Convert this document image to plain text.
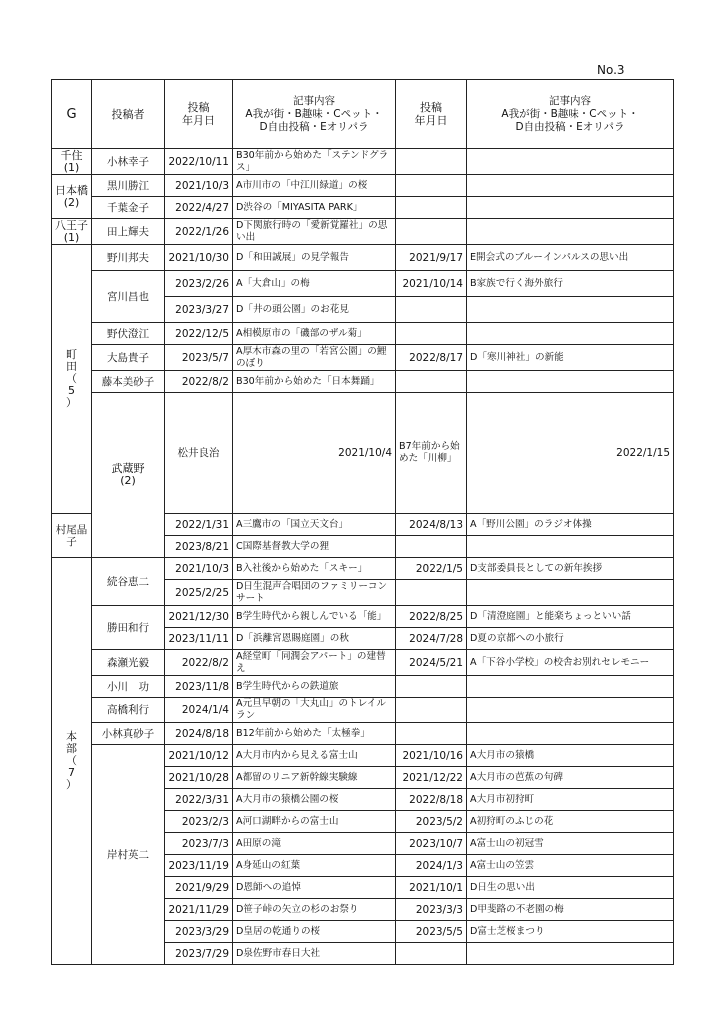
No.3
G	投稿者	投稿
年月日	記事内容
A我が街・B趣味・Cペット・
D自由投稿・Eオリパラ	投稿
年月日	記事内容
A我が街・B趣味・Cペット・
D自由投稿・Eオリパラ	
千住
(1)	小林幸子	2022/10/11	B30年前から始めた「ステンドグラス」			
日本橋
(2)	黒川勝江	2021/10/3	A市川市の「中江川緑道」の桜			
	千葉金子	2022/4/27	D渋谷の「MIYASITA PARK」			
八王子
(1)	田上輝夫	2022/1/26	D下関旅行時の「愛新覚羅社」の思い出			
町
田
（
5
）	野川邦夫	2021/10/30	D「和田誠展」の見学報告	2021/9/17	E開会式のブルーインパルスの思い出	
	宮川昌也	2023/2/26	A「大倉山」の梅	2021/10/14	B家族で行く海外旅行	
		2023/3/27	D「井の頭公園」のお花見			
	野伏澄江	2022/12/5	A相模原市の「磯部のザル菊」			
	大島貴子	2023/5/7	A厚木市森の里の「若宮公園」の鯉のぼり	2022/8/17	D「寒川神社」の新能	
	藤本美砂子	2022/8/2	B30年前から始めた「日本舞踊」			
	武蔵野
(2)	松井良治	2021/10/4	B7年前から始めた「川柳」	2022/1/15	
村尾晶子		2022/1/31	A三鷹市の「国立天文台」	2024/8/13	A「野川公園」のラジオ体操	
		2023/8/21	C国際基督教大学の狸			
本
部
（
7
）	続谷恵二	2021/10/3	B入社後から始めた「スキー」	2022/1/5	D支部委員長としての新年挨拶	
		2025/2/25	D日生混声合唱団のファミリーコンサート			
	勝田和行	2021/12/30	B学生時代から親しんでいる「能」	2022/8/25	D「清澄庭園」と能楽ちょっといい話	
		2023/11/11	D「浜離宮恩賜庭園」の秋	2024/7/28	D夏の京都への小旅行	
	森瀬光毅	2022/8/2	A経堂町「同潤会アパート」の建替え	2024/5/21	A「下谷小学校」の校舎お別れセレモニー	
	小川　功	2023/11/8	B学生時代からの鉄道旅			
	高橋利行	2024/1/4	A元旦早朝の「大丸山」のトレイルラン			
	小林真砂子	2024/8/18	B12年前から始めた「太極拳」			
	岸村英二	2021/10/12	A大月市内から見える富士山	2021/10/16	A大月市の猿橋	
		2021/10/28	A都留のリニア新幹線実験線	2021/12/22	A大月市の芭蕉の句碑	
		2022/3/31	A大月市の猿橋公園の桜	2022/8/18	A大月市初狩町	
		2023/2/3	A河口湖畔からの富士山	2023/5/2	A初狩町のふじの花	
		2023/7/3	A田原の滝	2023/10/7	A富士山の初冠雪	
		2023/11/19	A身延山の紅葉	2024/1/3	A富士山の笠雲	
		2021/9/29	D恩師への追悼	2021/10/1	D日生の思い出	
		2021/11/29	D笹子峠の矢立の杉のお祭り	2023/3/3	D甲斐路の不老園の梅	
		2023/3/29	D皇居の乾通りの桜	2023/5/5	D富士芝桜まつり	
		2023/7/29	D泉佐野市春日大社			
